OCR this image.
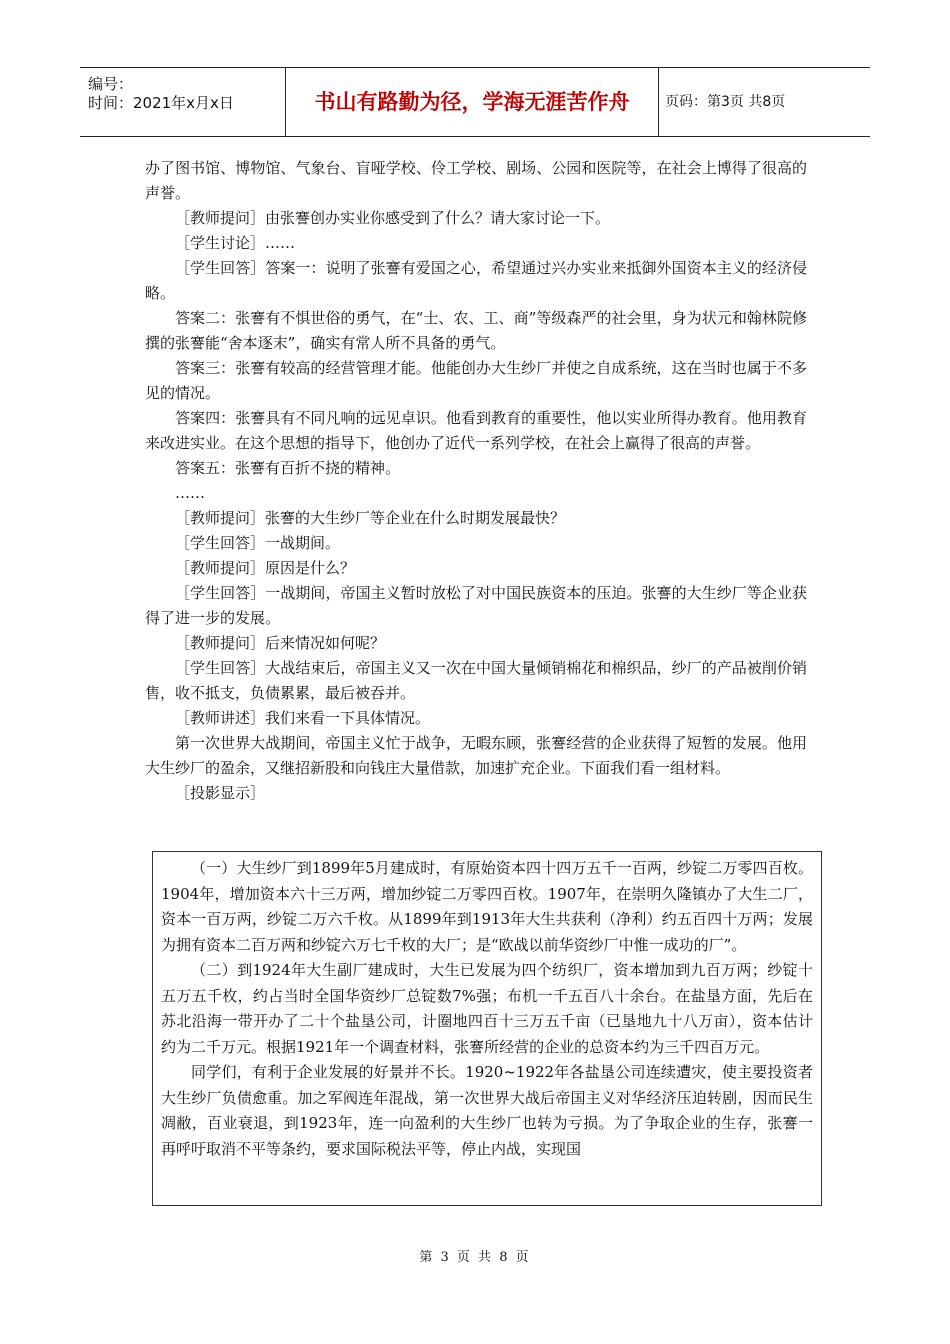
编号：
时间：2021年x月x日	书山有路勤为径，学海无涯苦作舟	页码：第3页 共8页

办了图书馆、博物馆、气象台、盲哑学校、伶工学校、剧场、公园和医院等，在社会上博得了很高的声誉。

［教师提问］由张謇创办实业你感受到了什么？请大家讨论一下。

［学生讨论］……

［学生回答］答案一：说明了张謇有爱国之心，希望通过兴办实业来抵御外国资本主义的经济侵略。

答案二：张謇有不惧世俗的勇气，在“士、农、工、商”等级森严的社会里，身为状元和翰林院修撰的张謇能“舍本逐末”，确实有常人所不具备的勇气。

答案三：张謇有较高的经营管理才能。他能创办大生纱厂并使之自成系统，这在当时也属于不多见的情况。

答案四：张謇具有不同凡响的远见卓识。他看到教育的重要性，他以实业所得办教育。他用教育来改进实业。在这个思想的指导下，他创办了近代一系列学校，在社会上赢得了很高的声誉。

答案五：张謇有百折不挠的精神。

……

［教师提问］张謇的大生纱厂等企业在什么时期发展最快？

［学生回答］一战期间。

［教师提问］原因是什么？

［学生回答］一战期间，帝国主义暂时放松了对中国民族资本的压迫。张謇的大生纱厂等企业获得了进一步的发展。

［教师提问］后来情况如何呢？

［学生回答］大战结束后，帝国主义又一次在中国大量倾销棉花和棉织品，纱厂的产品被削价销售，收不抵支，负债累累，最后被吞并。

［教师讲述］我们来看一下具体情况。

第一次世界大战期间，帝国主义忙于战争，无暇东顾，张謇经营的企业获得了短暂的发展。他用大生纱厂的盈余，又继招新股和向钱庄大量借款，加速扩充企业。下面我们看一组材料。

［投影显示］

（一）大生纱厂到1899年5月建成时，有原始资本四十四万五千一百两，纱锭二万零四百枚。1904年，增加资本六十三万两，增加纱锭二万零四百枚。1907年，在崇明久隆镇办了大生二厂，资本一百万两，纱锭二万六千枚。从1899年到1913年大生共获利（净利）约五百四十万两；发展为拥有资本二百万两和纱锭六万七千枚的大厂；是“欧战以前华资纱厂中惟一成功的厂”。

（二）到1924年大生副厂建成时，大生已发展为四个纺织厂，资本增加到九百万两；纱锭十五万五千枚，约占当时全国华资纱厂总锭数7%强；布机一千五百八十余台。在盐垦方面，先后在苏北沿海一带开办了二十个盐垦公司，计圈地四百十三万五千亩（已垦地九十八万亩），资本估计约为二千万元。根据1921年一个调查材料，张謇所经营的企业的总资本约为三千四百万元。

同学们，有利于企业发展的好景并不长。1920~1922年各盐垦公司连续遭灾，使主要投资者大生纱厂负债愈重。加之军阀连年混战，第一次世界大战后帝国主义对华经济压迫转剧，因而民生凋敝，百业衰退，到1923年，连一向盈利的大生纱厂也转为亏损。为了争取企业的生存，张謇一再呼吁取消不平等条约，要求国际税法平等，停止内战，实现国

第 3 页 共 8 页
